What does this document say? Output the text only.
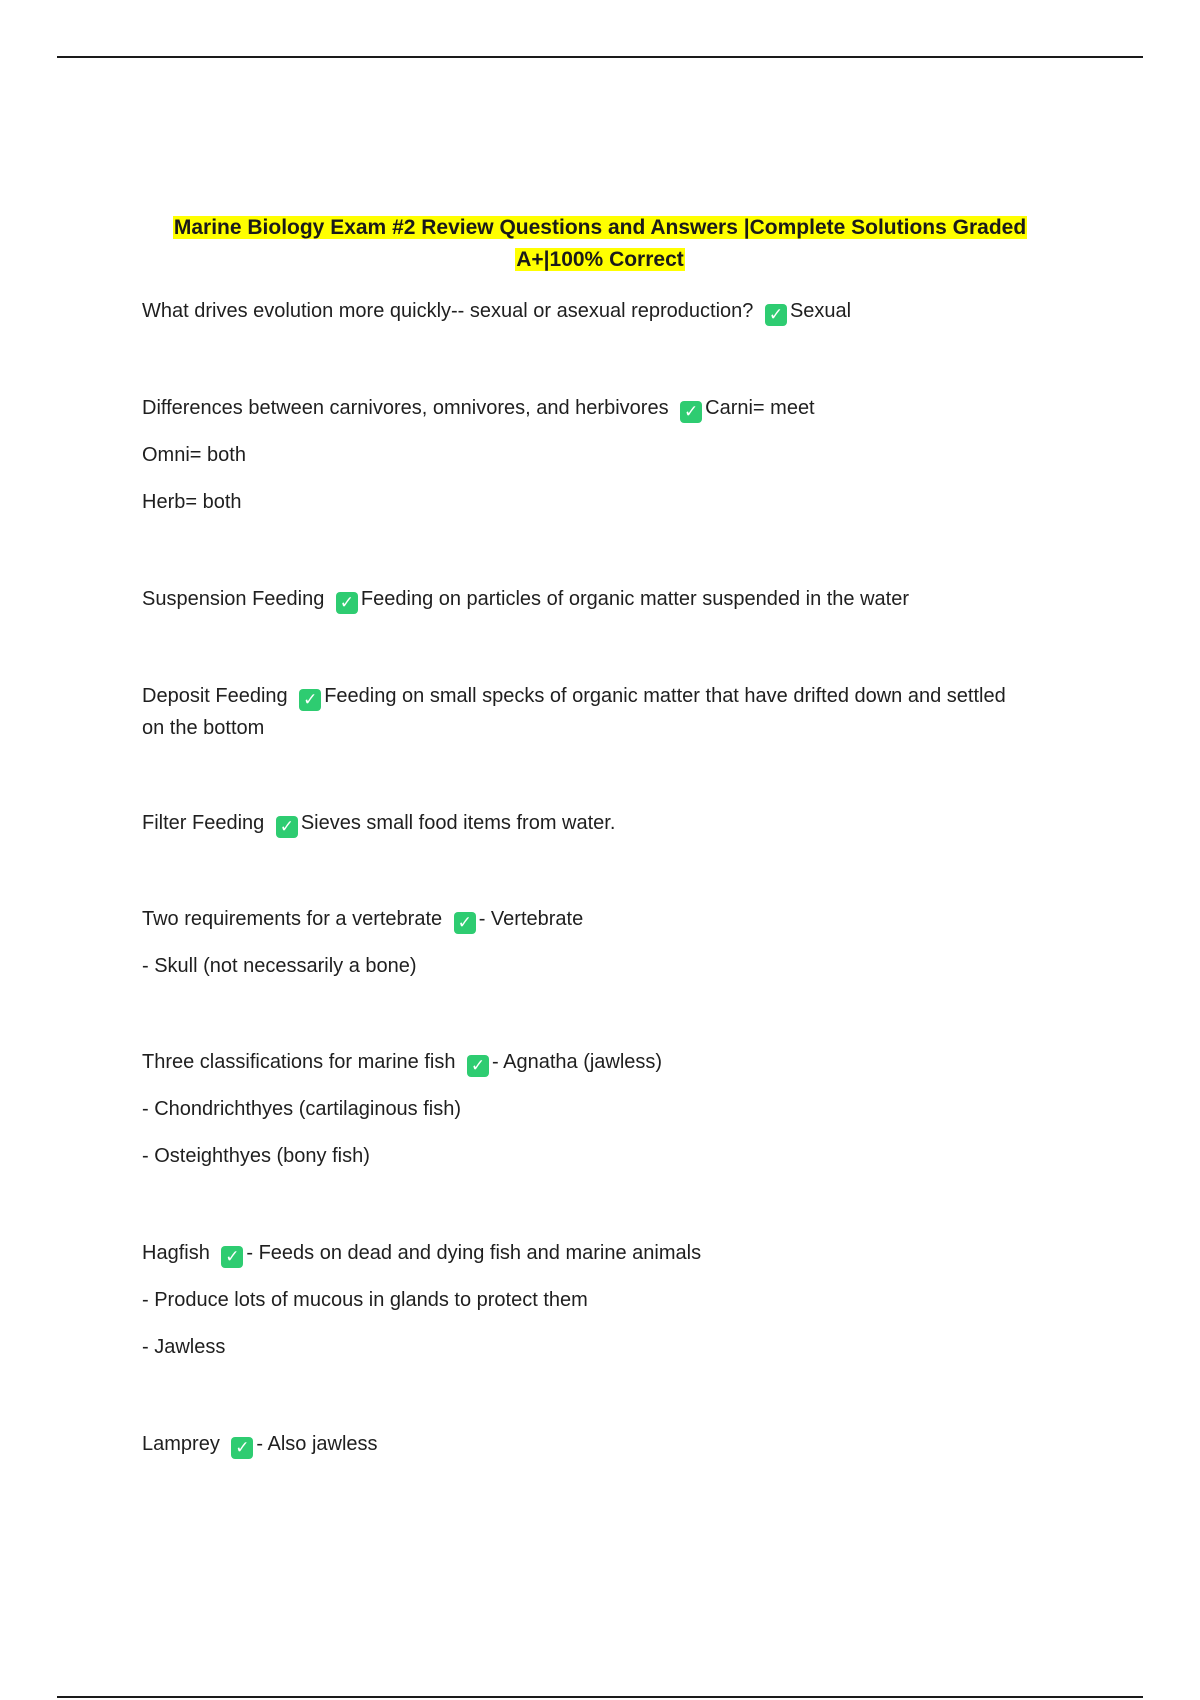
Marine Biology Exam #2 Review Questions and Answers |Complete Solutions Graded
A+|100% Correct

What drives evolution more quickly-- sexual or asexual reproduction? ✓ Sexual

Differences between carnivores, omnivores, and herbivores ✓ Carni= meet

Omni= both

Herb= both

Suspension Feeding ✓ Feeding on particles of organic matter suspended in the water

Deposit Feeding ✓ Feeding on small specks of organic matter that have drifted down and settled on the bottom

Filter Feeding ✓ Sieves small food items from water.

Two requirements for a vertebrate ✓ - Vertebrate

- Skull (not necessarily a bone)

Three classifications for marine fish ✓ - Agnatha (jawless)

- Chondrichthyes (cartilaginous fish)

- Osteighthyes (bony fish)

Hagfish ✓ - Feeds on dead and dying fish and marine animals

- Produce lots of mucous in glands to protect them

- Jawless

Lamprey ✓ - Also jawless
